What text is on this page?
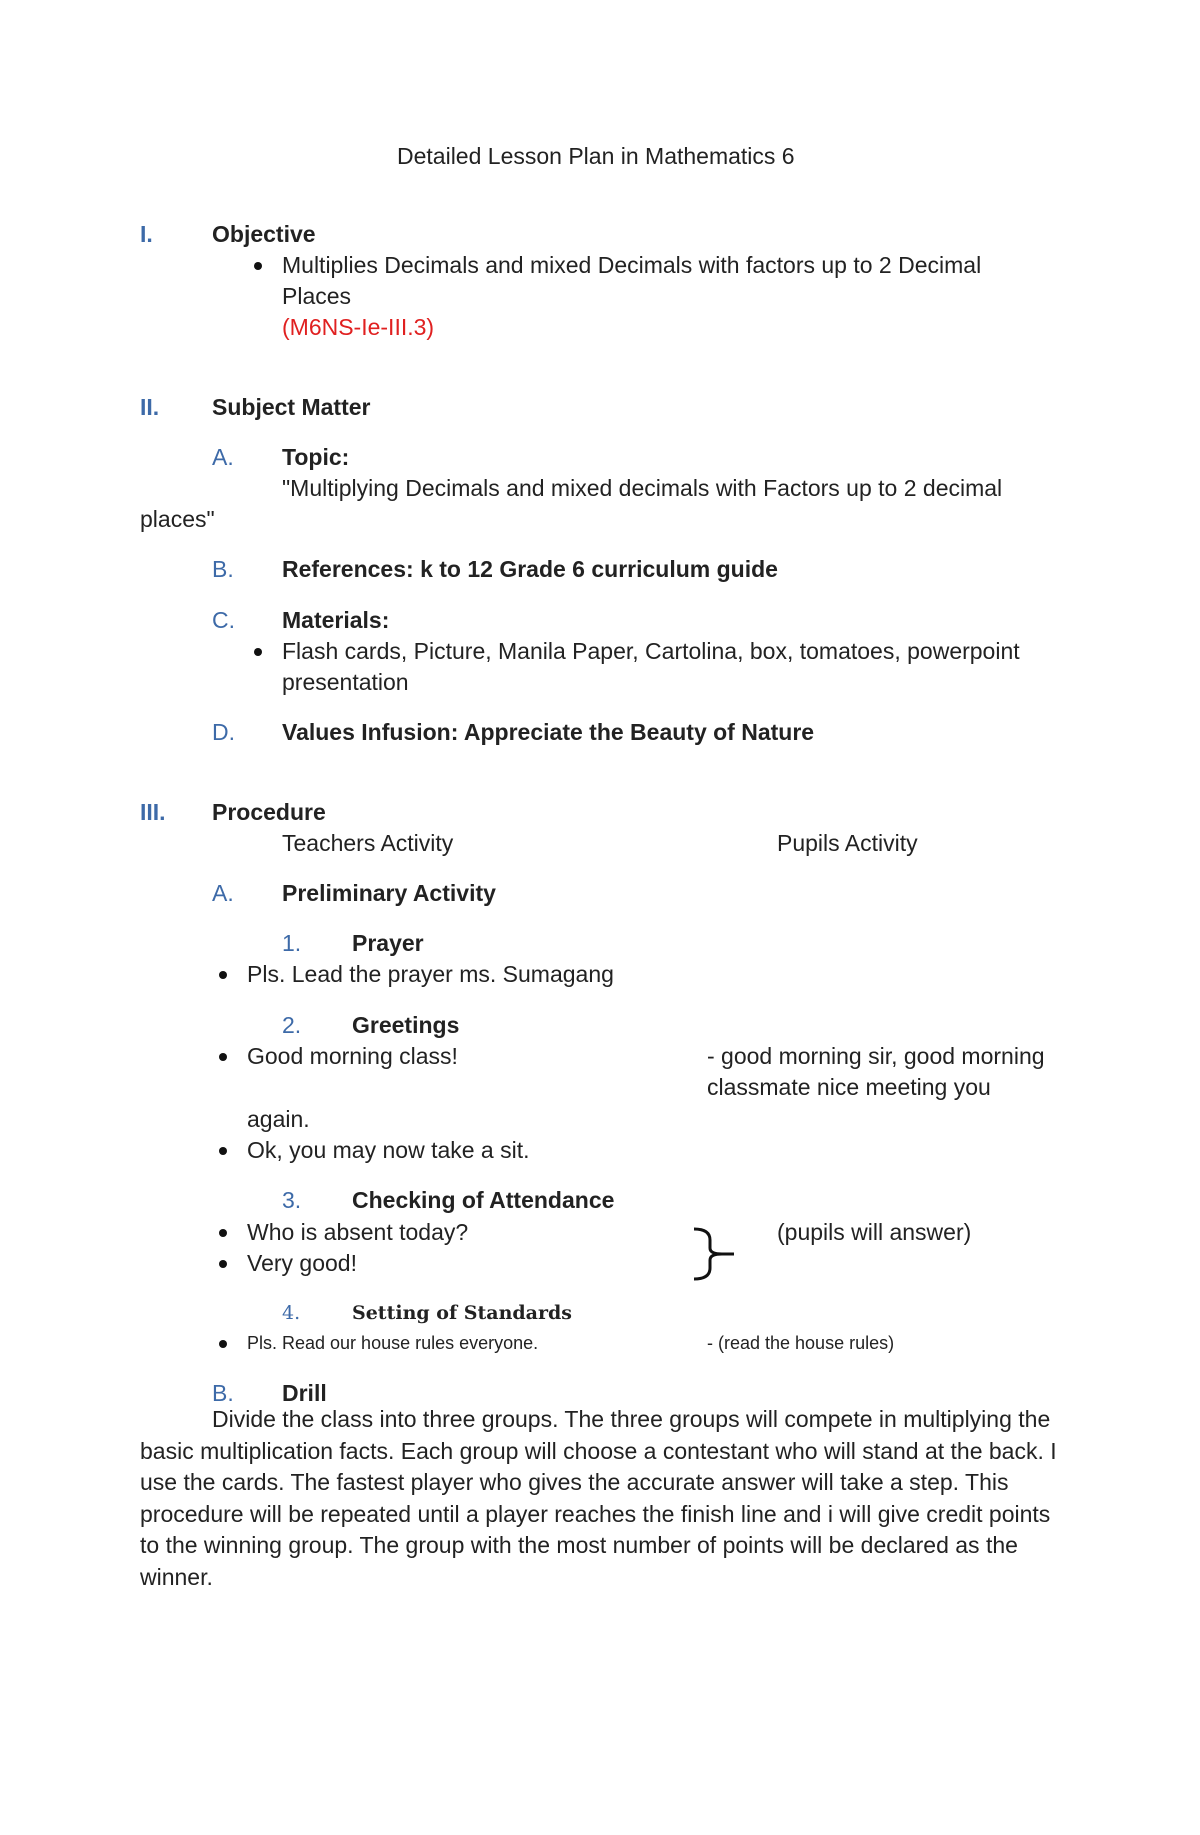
Detailed Lesson Plan in Mathematics 6
I.	Objective
Multiplies Decimals and mixed Decimals with factors up to 2 Decimal
Places
(M6NS-Ie-III.3)
II. Subject Matter
A. Topic:
"Multiplying Decimals and mixed decimals with Factors up to 2 decimal
places"
B. References: k to 12 Grade 6 curriculum guide
C. Materials:
Flash cards, Picture, Manila Paper, Cartolina, box, tomatoes, powerpoint
presentation
D. Values Infusion: Appreciate the Beauty of Nature
III. Procedure
Teachers Activity	Pupils Activity
A. Preliminary Activity
1. Prayer
Pls. Lead the prayer ms. Sumagang
2. Greetings
Good morning class!	- good morning sir, good morning
classmate nice meeting you
again.
Ok, you may now take a sit.
3. Checking of Attendance
Who is absent today?
Very good!
(pupils will answer)
4.	Setting of Standards
Pls. Read our house rules everyone.	- (read the house rules)
B. Drill
Divide the class into three groups. The three groups will compete in multiplying the basic multiplication facts. Each group will choose a contestant who will stand at the back. I use the cards. The fastest player who gives the accurate answer will take a step. This procedure will be repeated until a player reaches the finish line and i will give credit points to the winning group. The group with the most number of points will be declared as the winner.
